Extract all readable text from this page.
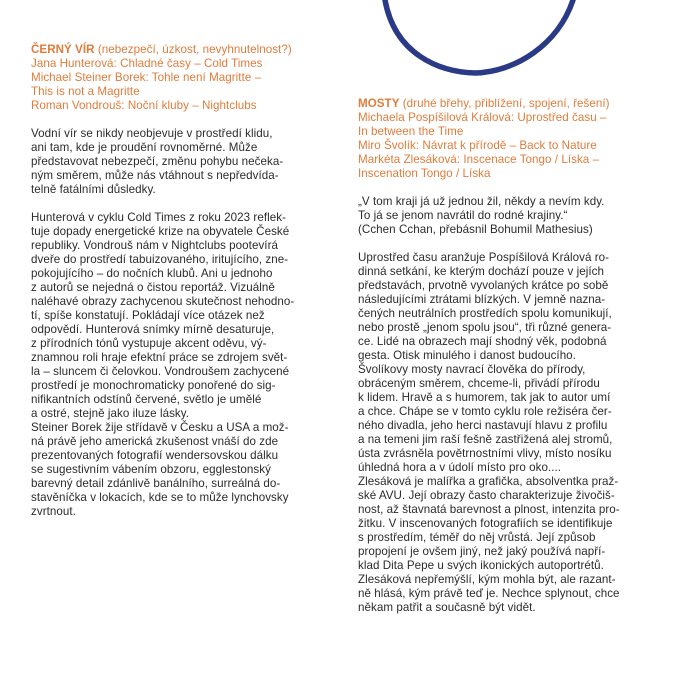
ČERNÝ VÍR (nebezpečí, úzkost, nevyhnutelnost?)
Jana Hunterová: Chladné časy – Cold Times
Michael Steiner Borek: Tohle není Magritte –
This is not a Magritte
Roman Vondrouš: Noční kluby – Nightclubs

Vodní vír se nikdy neobjevuje v prostředí klidu,
ani tam, kde je proudění rovnoměrné. Může
představovat nebezpečí, změnu pohybu nečeka-
ným směrem, může nás vtáhnout s nepředvída-
telně fatálními důsledky.

Hunterová v cyklu Cold Times z roku 2023 reflek-
tuje dopady energetické krize na obyvatele České
republiky. Vondrouš nám v Nightclubs pootevírá
dveře do prostředí tabuizovaného, iritujícího, zne-
pokojujícího – do nočních klubů. Ani u jednoho
z autorů se nejedná o čistou reportáž. Vizuálně
naléhavé obrazy zachycenou skutečnost nehodno-
tí, spíše konstatují. Pokládají více otázek než
odpovědí. Hunterová snímky mírně desaturuje,
z přírodních tónů vystupuje akcent oděvu, vý-
znamnou roli hraje efektní práce se zdrojem svět-
la – sluncem či čelovkou. Vondroušem zachycené
prostředí je monochromaticky ponořené do sig-
nifikantních odstínů červené, světlo je umělé
a ostré, stejně jako iluze lásky.
Steiner Borek žije střídavě v Česku a USA a mož-
ná právě jeho americká zkušenost vnáší do zde
prezentovaných fotografií wendersovskou dálku
se sugestivním vábením obzoru, egglestonský
barevný detail zdánlivě banálního, surreálná do-
stavěníčka v lokacích, kde se to může lynchovsky
zvrtnout.

MOSTY (druhé břehy, přiblížení, spojení, řešení)
Michaela Pospíšilová Králová: Uprostřed času –
In between the Time
Miro Švolík: Návrat k přírodě – Back to Nature
Markéta Zlesáková: Inscenace Tongo / Líska –
Inscenation Tongo / Líska

„V tom kraji já už jednou žil, někdy a nevím kdy.
To já se jenom navrátil do rodné krajiny.“
(Cchen Cchan, přebásnil Bohumil Mathesius)

Uprostřed času aranžuje Pospíšilová Králová ro-
dinná setkání, ke kterým dochází pouze v jejích
představách, prvotně vyvolaných krátce po sobě
následujícími ztrátami blízkých. V jemně nazna-
čených neutrálních prostředích spolu komunikují,
nebo prostě „jenom spolu jsou“, tři různé genera-
ce. Lidé na obrazech mají shodný věk, podobná
gesta. Otisk minulého i danost budoucího.
Švolíkovy mosty navrací člověka do přírody,
obráceným směrem, chceme-li, přivádí přírodu
k lidem. Hravě a s humorem, tak jak to autor umí
a chce. Chápe se v tomto cyklu role režiséra čer-
ného divadla, jeho herci nastavují hlavu z profilu
a na temeni jim raší fešně zastřižená alej stromů,
ústa zvrásněla povětrnostními vlivy, místo nosíku
úhledná hora a v údolí místo pro oko....
Zlesáková je malířka a grafička, absolventka praž-
ské AVU. Její obrazy často charakterizuje živočiš-
nost, až štavnatá barevnost a plnost, intenzita pro-
žitku. V inscenovaných fotografiích se identifikuje
s prostředím, téměř do něj vrůstá. Její způsob
propojení je ovšem jiný, než jaký používá napří-
klad Dita Pepe u svých ikonických autoportrétů.
Zlesáková nepřemýšlí, kým mohla být, ale razant-
ně hlásá, kým právě teď je. Nechce splynout, chce
někam patřit a současně být vidět.
